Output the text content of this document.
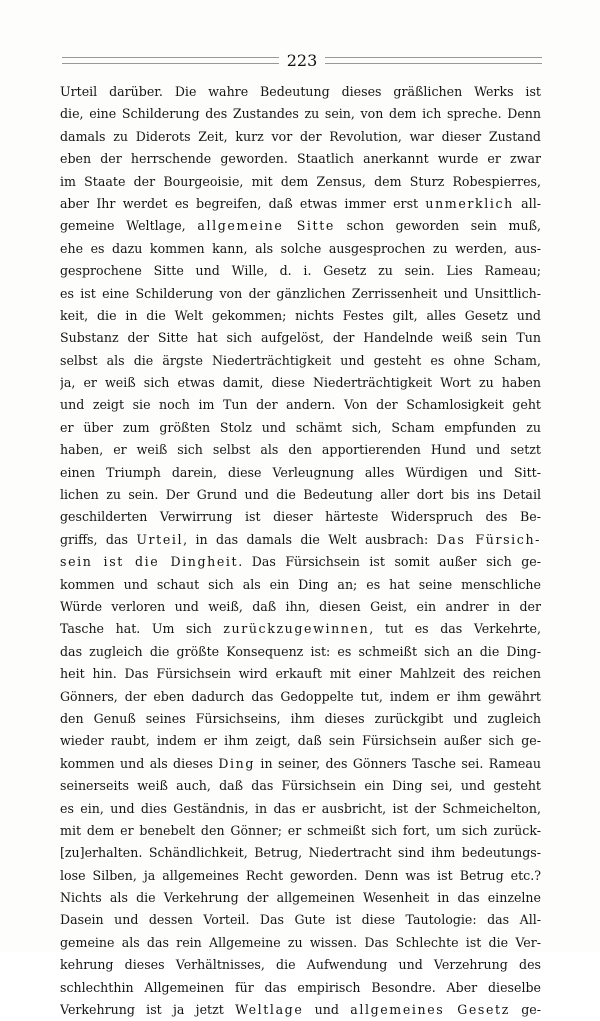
223
Urteil darüber. Die wahre Bedeutung dieses gräßlichen Werks ist
die, eine Schilderung des Zustandes zu sein, von dem ich spreche. Denn
damals zu Diderots Zeit, kurz vor der Revolution, war dieser Zustand
eben der herrschende geworden. Staatlich anerkannt wurde er zwar
im Staate der Bourgeoisie, mit dem Zensus, dem Sturz Robespierres,
aber Ihr werdet es begreifen, daß etwas immer erst unmerklich all-
gemeine Weltlage, allgemeine Sitte schon geworden sein muß,
ehe es dazu kommen kann, als solche ausgesprochen zu werden, aus-
gesprochene Sitte und Wille, d. i. Gesetz zu sein. Lies Rameau;
es ist eine Schilderung von der gänzlichen Zerrissenheit und Unsittlich-
keit, die in die Welt gekommen; nichts Festes gilt, alles Gesetz und
Substanz der Sitte hat sich aufgelöst, der Handelnde weiß sein Tun
selbst als die ärgste Niederträchtigkeit und gesteht es ohne Scham,
ja, er weiß sich etwas damit, diese Niederträchtigkeit Wort zu haben
und zeigt sie noch im Tun der andern. Von der Schamlosigkeit geht
er über zum größten Stolz und schämt sich, Scham empfunden zu
haben, er weiß sich selbst als den apportierenden Hund und setzt
einen Triumph darein, diese Verleugnung alles Würdigen und Sitt-
lichen zu sein. Der Grund und die Bedeutung aller dort bis ins Detail
geschilderten Verwirrung ist dieser härteste Widerspruch des Be-
griffs, das Urteil, in das damals die Welt ausbrach: Das Fürsich-
sein ist die Dingheit. Das Fürsichsein ist somit außer sich ge-
kommen und schaut sich als ein Ding an; es hat seine menschliche
Würde verloren und weiß, daß ihn, diesen Geist, ein andrer in der
Tasche hat. Um sich zurückzugewinnen, tut es das Verkehrte,
das zugleich die größte Konsequenz ist: es schmeißt sich an die Ding-
heit hin. Das Fürsichsein wird erkauft mit einer Mahlzeit des reichen
Gönners, der eben dadurch das Gedoppelte tut, indem er ihm gewährt
den Genuß seines Fürsichseins, ihm dieses zurückgibt und zugleich
wieder raubt, indem er ihm zeigt, daß sein Fürsichsein außer sich ge-
kommen und als dieses Ding in seiner, des Gönners Tasche sei. Rameau
seinerseits weiß auch, daß das Fürsichsein ein Ding sei, und gesteht
es ein, und dies Geständnis, in das er ausbricht, ist der Schmeichelton,
mit dem er benebelt den Gönner; er schmeißt sich fort, um sich zurück-
[zu]erhalten. Schändlichkeit, Betrug, Niedertracht sind ihm bedeutungs-
lose Silben, ja allgemeines Recht geworden. Denn was ist Betrug etc.?
Nichts als die Verkehrung der allgemeinen Wesenheit in das einzelne
Dasein und dessen Vorteil. Das Gute ist diese Tautologie: das All-
gemeine als das rein Allgemeine zu wissen. Das Schlechte ist die Ver-
kehrung dieses Verhältnisses, die Aufwendung und Verzehrung des
schlechthin Allgemeinen für das empirisch Besondre. Aber dieselbe
Verkehrung ist ja jetzt Weltlage und allgemeines Gesetz ge-
